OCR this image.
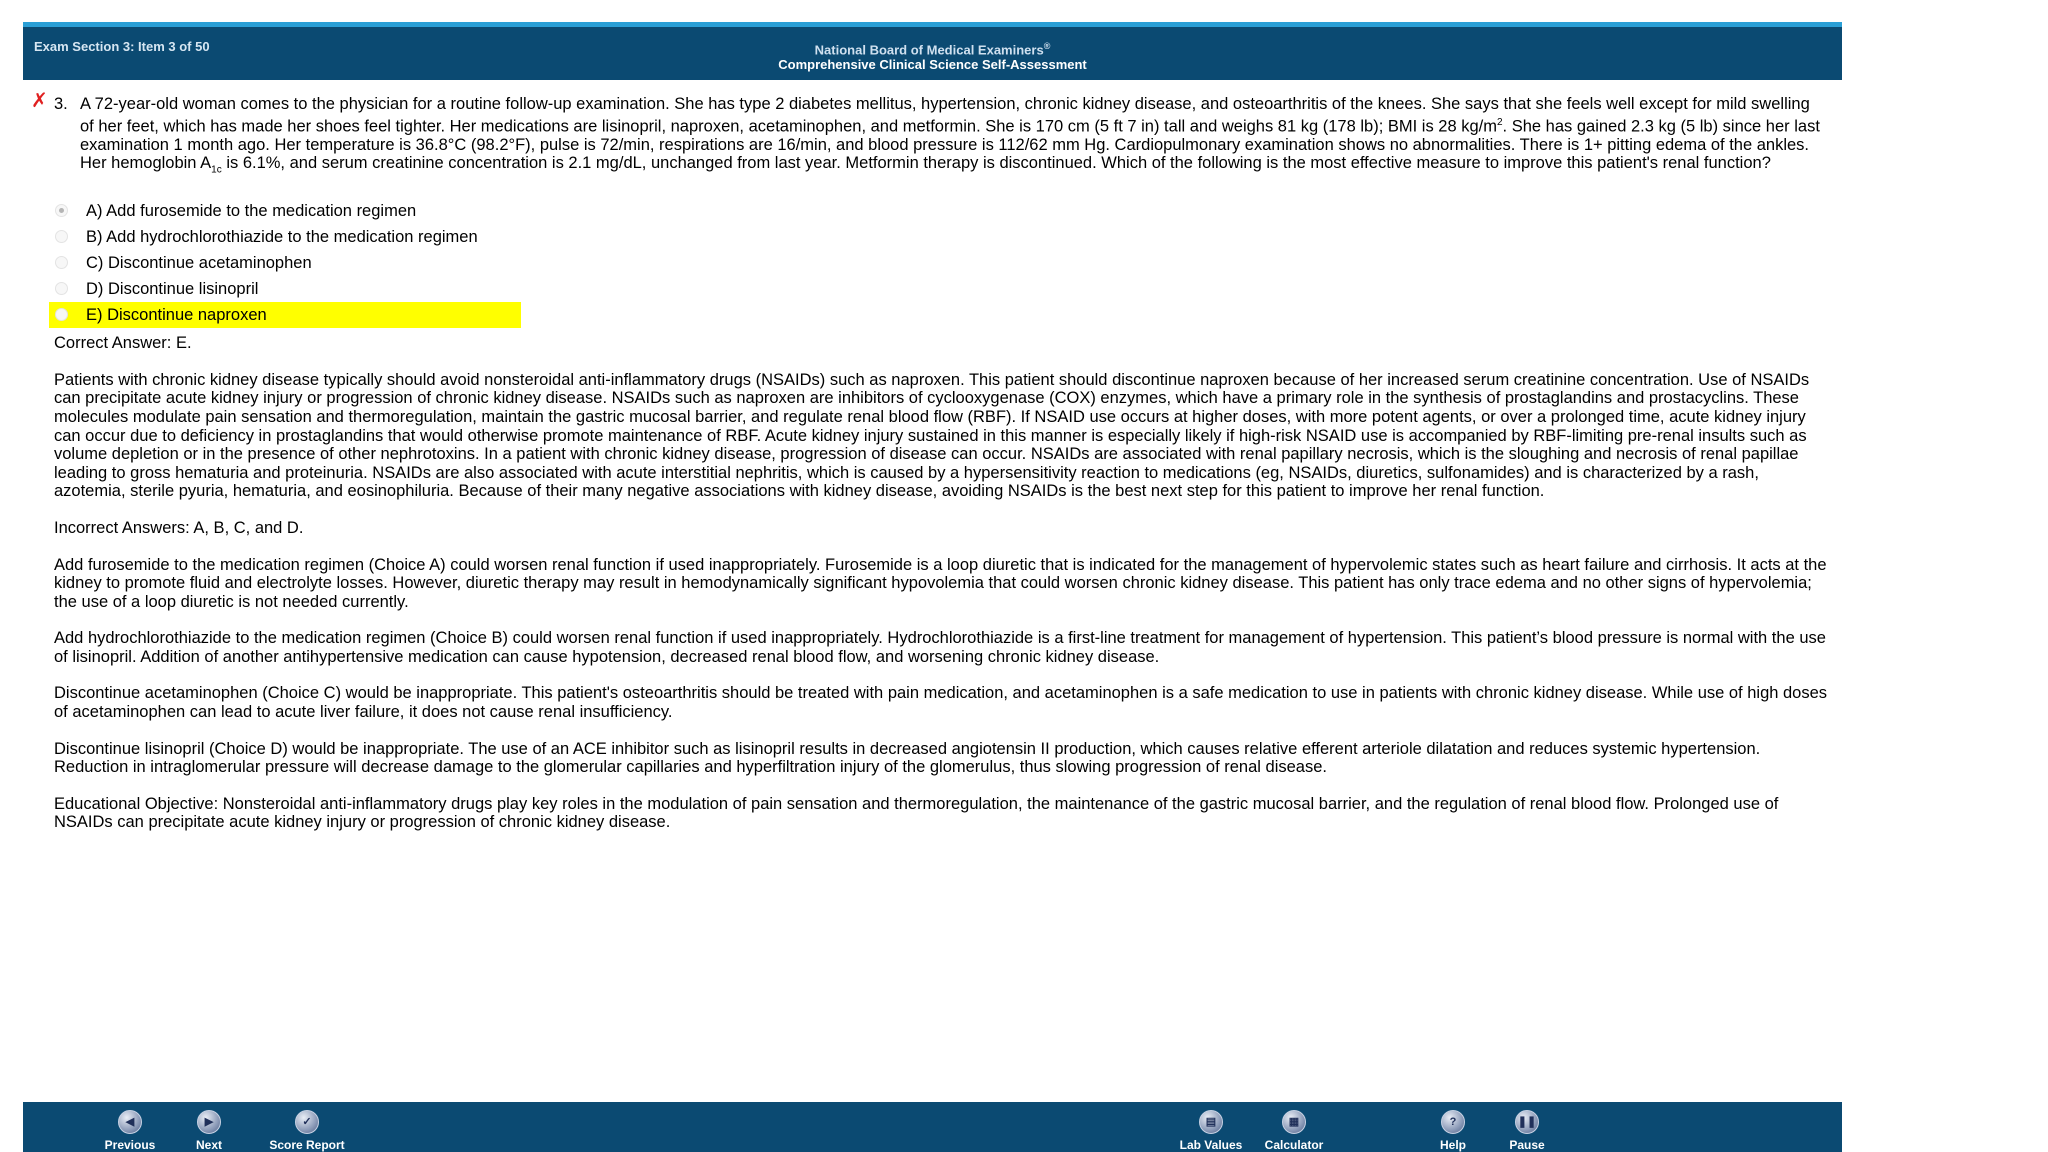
Exam Section 3: Item 3 of 50	National Board of Medical Examiners®
Comprehensive Clinical Science Self-Assessment
◀
Previous
▶
Next
✓
Score Report
▤
Lab Values
▦
Calculator
?
Help
❚❚
Pause
✗ 3. A 72-year-old woman comes to the physician for a routine follow-up examination. She has type 2 diabetes mellitus, hypertension, chronic kidney disease, and osteoarthritis of the knees. She says that she feels well except for mild swelling of her feet, which has made her shoes feel tighter. Her medications are lisinopril, naproxen, acetaminophen, and metformin. She is 170 cm (5 ft 7 in) tall and weighs 81 kg (178 lb); BMI is 28 $kg/m^2$. She has gained 2.3 kg (5 lb) since her last examination 1 month ago. Her temperature is 36.8°C (98.2°F), pulse is 72/min, respirations are 16/min, and blood pressure is 112/62 mm Hg. Cardiopulmonary examination shows no abnormalities. There is 1+ pitting edema of the ankles. Her hemoglobin $A_{1c}$ is 6.1%, and serum creatinine concentration is 2.1 mg/dL, unchanged from last year. Metformin therapy is discontinued. Which of the following is the most effective measure to improve this patient's renal function?

A) Add furosemide to the medication regimen
B) Add hydrochlorothiazide to the medication regimen
C) Discontinue acetaminophen
D) Discontinue lisinopril
E) Discontinue naproxen

Correct Answer: E.

Patients with chronic kidney disease typically should avoid nonsteroidal anti-inflammatory drugs (NSAIDs) such as naproxen. This patient should discontinue naproxen because of her increased serum creatinine concentration. Use of NSAIDs can precipitate acute kidney injury or progression of chronic kidney disease. NSAIDs such as naproxen are inhibitors of cyclooxygenase (COX) enzymes, which have a primary role in the synthesis of prostaglandins and prostacyclins. These molecules modulate pain sensation and thermoregulation, maintain the gastric mucosal barrier, and regulate renal blood flow (RBF). If NSAID use occurs at higher doses, with more potent agents, or over a prolonged time, acute kidney injury can occur due to deficiency in prostaglandins that would otherwise promote maintenance of RBF. Acute kidney injury sustained in this manner is especially likely if high-risk NSAID use is accompanied by RBF-limiting pre-renal insults such as volume depletion or in the presence of other nephrotoxins. In a patient with chronic kidney disease, progression of disease can occur. NSAIDs are associated with renal papillary necrosis, which is the sloughing and necrosis of renal papillae leading to gross hematuria and proteinuria. NSAIDs are also associated with acute interstitial nephritis, which is caused by a hypersensitivity reaction to medications (eg, NSAIDs, diuretics, sulfonamides) and is characterized by a rash, azotemia, sterile pyuria, hematuria, and eosinophiluria. Because of their many negative associations with kidney disease, avoiding NSAIDs is the best next step for this patient to improve her renal function.

Incorrect Answers: A, B, C, and D.

Add furosemide to the medication regimen (Choice A) could worsen renal function if used inappropriately. Furosemide is a loop diuretic that is indicated for the management of hypervolemic states such as heart failure and cirrhosis. It acts at the kidney to promote fluid and electrolyte losses. However, diuretic therapy may result in hemodynamically significant hypovolemia that could worsen chronic kidney disease. This patient has only trace edema and no other signs of hypervolemia; the use of a loop diuretic is not needed currently.

Add hydrochlorothiazide to the medication regimen (Choice B) could worsen renal function if used inappropriately. Hydrochlorothiazide is a first-line treatment for management of hypertension. This patient’s blood pressure is normal with the use of lisinopril. Addition of another antihypertensive medication can cause hypotension, decreased renal blood flow, and worsening chronic kidney disease.

Discontinue acetaminophen (Choice C) would be inappropriate. This patient's osteoarthritis should be treated with pain medication, and acetaminophen is a safe medication to use in patients with chronic kidney disease. While use of high doses of acetaminophen can lead to acute liver failure, it does not cause renal insufficiency.

Discontinue lisinopril (Choice D) would be inappropriate. The use of an ACE inhibitor such as lisinopril results in decreased angiotensin II production, which causes relative efferent arteriole dilatation and reduces systemic hypertension. Reduction in intraglomerular pressure will decrease damage to the glomerular capillaries and hyperfiltration injury of the glomerulus, thus slowing progression of renal disease.

Educational Objective: Nonsteroidal anti-inflammatory drugs play key roles in the modulation of pain sensation and thermoregulation, the maintenance of the gastric mucosal barrier, and the regulation of renal blood flow. Prolonged use of NSAIDs can precipitate acute kidney injury or progression of chronic kidney disease.
